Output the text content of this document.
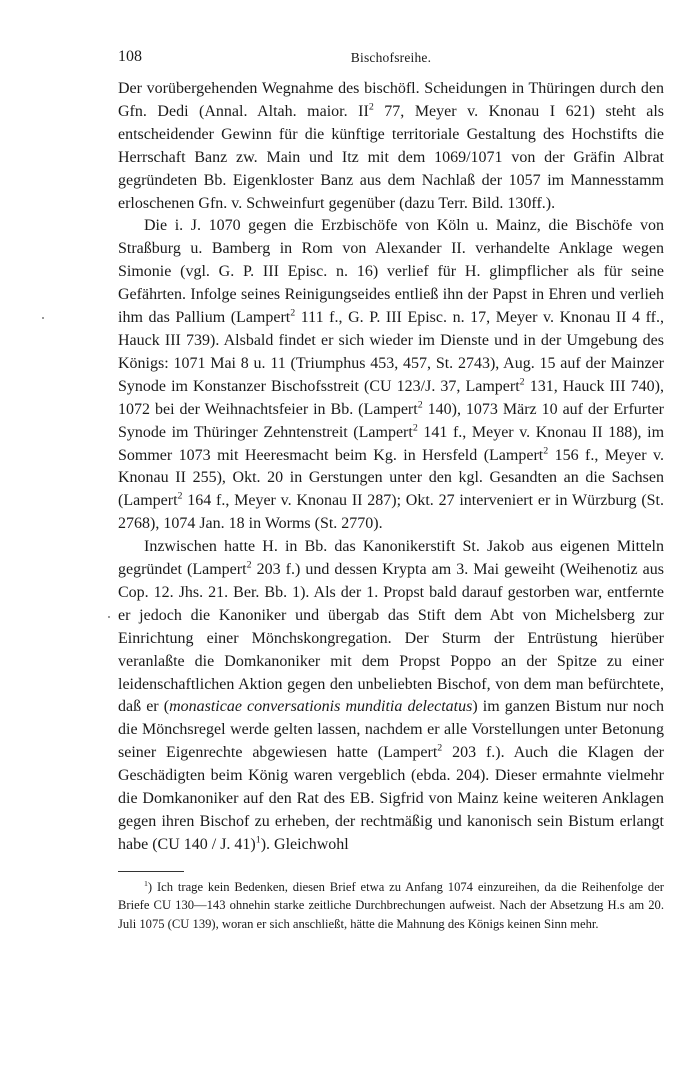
108	Bischofsreihe.

Der vorübergehenden Wegnahme des bischöfl. Scheidungen in Thüringen durch den Gfn. Dedi (Annal. Altah. maior. $II^2$ 77, Meyer v. Knonau I 621) steht als entscheidender Gewinn für die künftige territoriale Gestaltung des Hochstifts die Herrschaft Banz zw. Main und Itz mit dem 1069/1071 von der Gräfin Albrat gegründeten Bb. Eigenkloster Banz aus dem Nachlaß der 1057 im Mannesstamm erloschenen Gfn. v. Schweinfurt gegenüber (dazu Terr. Bild. 130ff.).

Die i. J. 1070 gegen die Erzbischöfe von Köln u. Mainz, die Bischöfe von Straßburg u. Bamberg in Rom von Alexander II. verhandelte Anklage wegen Simonie (vgl. G. P. III Episc. n. 16) verlief für H. glimpflicher als für seine Gefährten. Infolge seines Reinigungseides entließ ihn der Papst in Ehren und verlieh ihm das Pallium (Lampert$^2$ 111 f., G. P. III Episc. n. 17, Meyer v. Knonau II 4 ff., Hauck III 739). Alsbald findet er sich wieder im Dienste und in der Umgebung des Königs: 1071 Mai 8 u. 11 (Triumphus 453, 457, St. 2743), Aug. 15 auf der Mainzer Synode im Konstanzer Bischofsstreit (CU 123/J. 37, Lampert$^2$ 131, Hauck III 740), 1072 bei der Weihnachtsfeier in Bb. (Lampert$^2$ 140), 1073 März 10 auf der Erfurter Synode im Thüringer Zehntenstreit (Lampert$^2$ 141 f., Meyer v. Knonau II 188), im Sommer 1073 mit Heeresmacht beim Kg. in Hersfeld (Lampert$^2$ 156 f., Meyer v. Knonau II 255), Okt. 20 in Gerstungen unter den kgl. Gesandten an die Sachsen (Lampert$^2$ 164 f., Meyer v. Knonau II 287); Okt. 27 interveniert er in Würzburg (St. 2768), 1074 Jan. 18 in Worms (St. 2770).

Inzwischen hatte H. in Bb. das Kanonikerstift St. Jakob aus eigenen Mitteln gegründet (Lampert$^2$ 203 f.) und dessen Krypta am 3. Mai geweiht (Weihenotiz aus Cop. 12. Jhs. 21. Ber. Bb. 1). Als der 1. Propst bald darauf gestorben war, entfernte er jedoch die Kanoniker und übergab das Stift dem Abt von Michelsberg zur Einrichtung einer Mönchskongregation. Der Sturm der Entrüstung hierüber veranlaßte die Domkanoniker mit dem Propst Poppo an der Spitze zu einer leidenschaftlichen Aktion gegen den unbeliebten Bischof, von dem man befürchtete, daß er (monasticae conversationis munditia delectatus) im ganzen Bistum nur noch die Mönchsregel werde gelten lassen, nachdem er alle Vorstellungen unter Betonung seiner Eigenrechte abgewiesen hatte (Lampert$^2$ 203 f.). Auch die Klagen der Geschädigten beim König waren vergeblich (ebda. 204). Dieser ermahnte vielmehr die Domkanoniker auf den Rat des EB. Sigfrid von Mainz keine weiteren Anklagen gegen ihren Bischof zu erheben, der rechtmäßig und kanonisch sein Bistum erlangt habe (CU 140 / J. 41)$^1$). Gleichwohl

$^1$) Ich trage kein Bedenken, diesen Brief etwa zu Anfang 1074 einzureihen, da die Reihenfolge der Briefe CU 130—143 ohnehin starke zeitliche Durchbrechungen aufweist. Nach der Absetzung H.s am 20. Juli 1075 (CU 139), woran er sich anschließt, hätte die Mahnung des Königs keinen Sinn mehr.
